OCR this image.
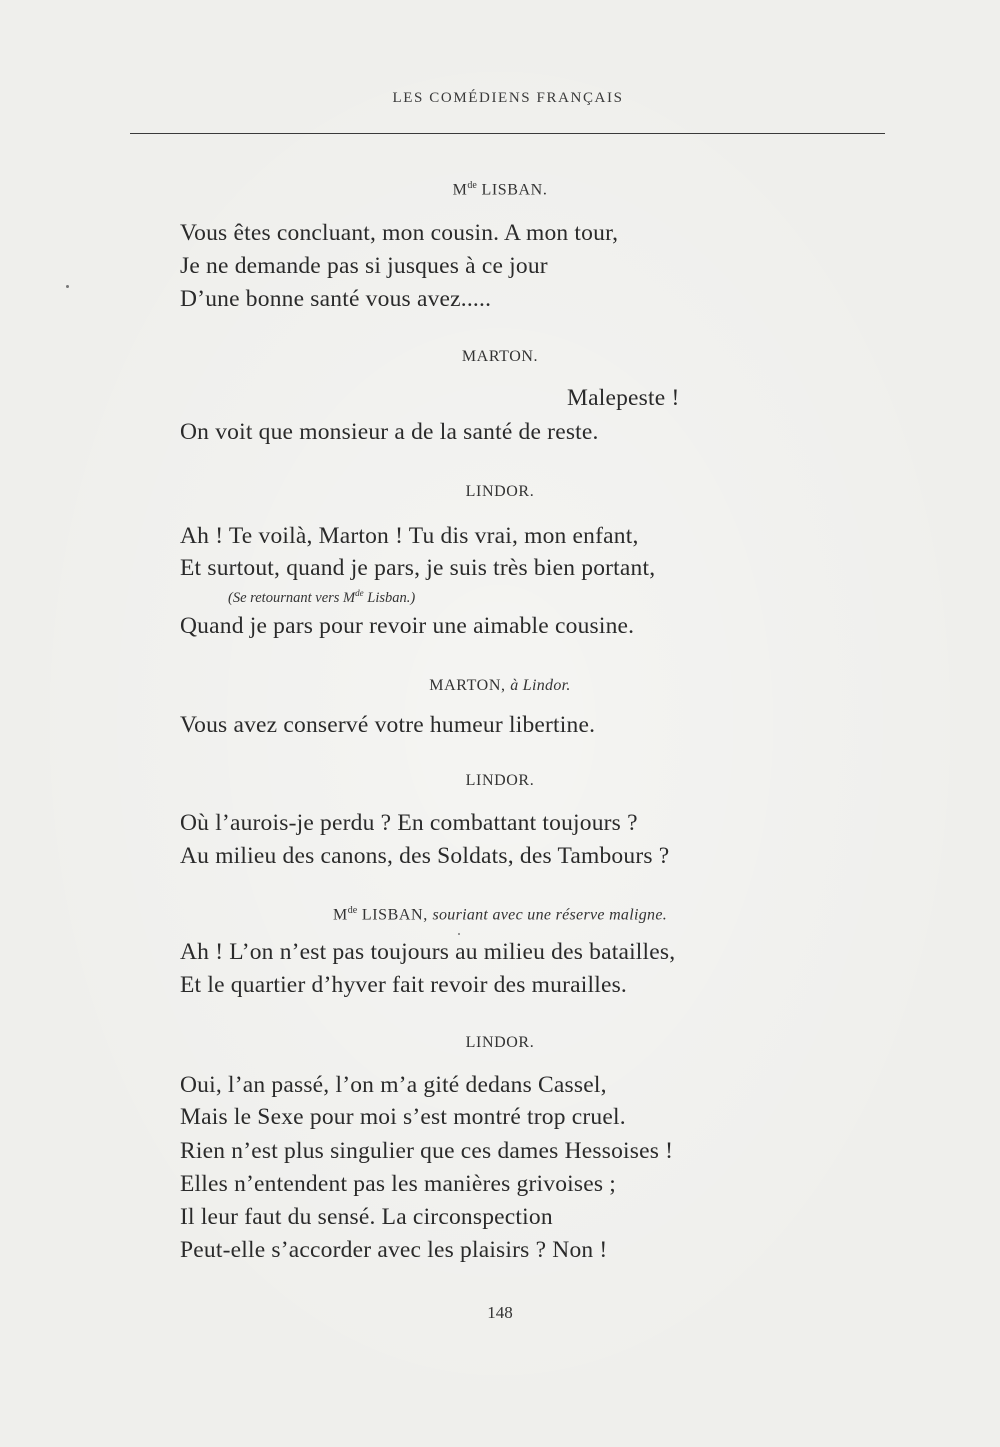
LES COMÉDIENS FRANÇAIS
Mde LISBAN.
Vous êtes concluant, mon cousin. A mon tour,
Je ne demande pas si jusques à ce jour
D’une bonne santé vous avez.....
MARTON.
Malepeste !
On voit que monsieur a de la santé de reste.
LINDOR.
Ah ! Te voilà, Marton ! Tu dis vrai, mon enfant,
Et surtout, quand je pars, je suis très bien portant,
(Se retournant vers Mde Lisban.)
Quand je pars pour revoir une aimable cousine.
MARTON, à Lindor.
Vous avez conservé votre humeur libertine.
LINDOR.
Où l’aurois-je perdu ? En combattant toujours ?
Au milieu des canons, des Soldats, des Tambours ?
Mde LISBAN, souriant avec une réserve maligne.
Ah ! L’on n’est pas toujours au milieu des batailles,
Et le quartier d’hyver fait revoir des murailles.
LINDOR.
Oui, l’an passé, l’on m’a gité dedans Cassel,
Mais le Sexe pour moi s’est montré trop cruel.
Rien n’est plus singulier que ces dames Hessoises !
Elles n’entendent pas les manières grivoises ;
Il leur faut du sensé. La circonspection
Peut-elle s’accorder avec les plaisirs ? Non !
148
